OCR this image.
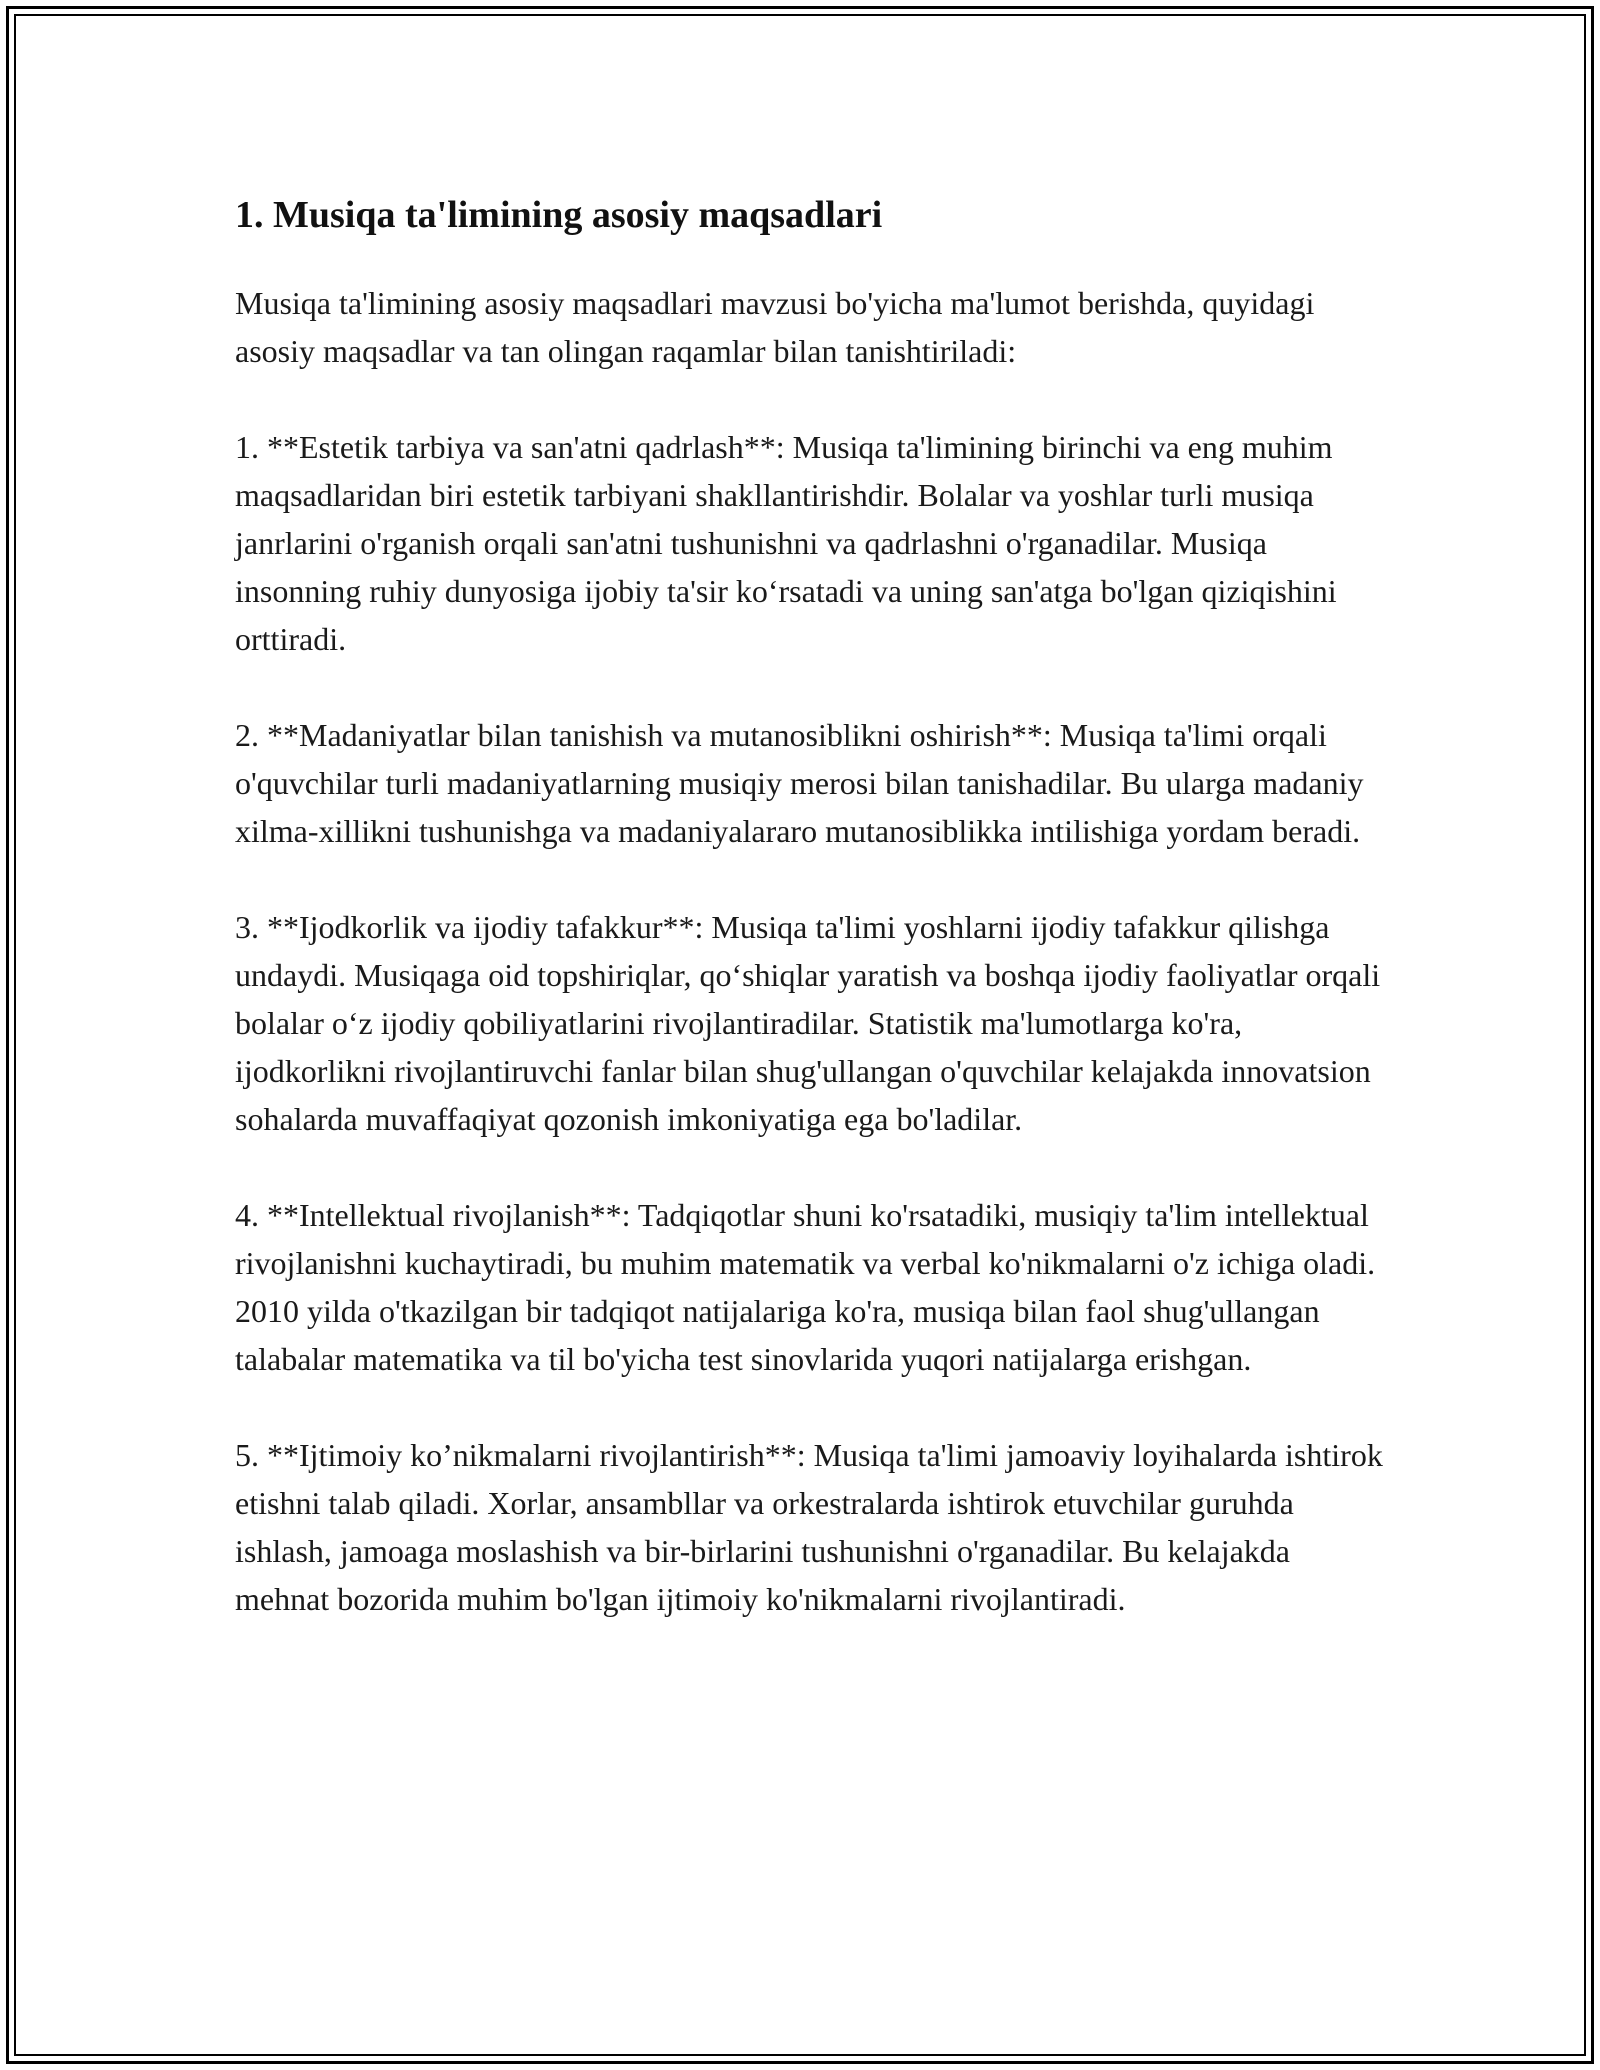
1. Musiqa ta'limining asosiy maqsadlari

Musiqa ta'limining asosiy maqsadlari mavzusi bo'yicha ma'lumot berishda, quyidagi asosiy maqsadlar va tan olingan raqamlar bilan tanishtiriladi:

1. **Estetik tarbiya va san'atni qadrlash**: Musiqa ta'limining birinchi va eng muhim maqsadlaridan biri estetik tarbiyani shakllantirishdir. Bolalar va yoshlar turli musiqa janrlarini o'rganish orqali san'atni tushunishni va qadrlashni o'rganadilar. Musiqa insonning ruhiy dunyosiga ijobiy ta'sir ko‘rsatadi va uning san'atga bo'lgan qiziqishini orttiradi.

2. **Madaniyatlar bilan tanishish va mutanosiblikni oshirish**: Musiqa ta'limi orqali o'quvchilar turli madaniyatlarning musiqiy merosi bilan tanishadilar. Bu ularga madaniy xilma-xillikni tushunishga va madaniyalararo mutanosiblikka intilishiga yordam beradi.

3. **Ijodkorlik va ijodiy tafakkur**: Musiqa ta'limi yoshlarni ijodiy tafakkur qilishga undaydi. Musiqaga oid topshiriqlar, qo‘shiqlar yaratish va boshqa ijodiy faoliyatlar orqali bolalar o‘z ijodiy qobiliyatlarini rivojlantiradilar. Statistik ma'lumotlarga ko'ra, ijodkorlikni rivojlantiruvchi fanlar bilan shug'ullangan o'quvchilar kelajakda innovatsion sohalarda muvaffaqiyat qozonish imkoniyatiga ega bo'ladilar.

4. **Intellektual rivojlanish**: Tadqiqotlar shuni ko'rsatadiki, musiqiy ta'lim intellektual rivojlanishni kuchaytiradi, bu muhim matematik va verbal ko'nikmalarni o'z ichiga oladi. 2010 yilda o'tkazilgan bir tadqiqot natijalariga ko'ra, musiqa bilan faol shug'ullangan talabalar matematika va til bo'yicha test sinovlarida yuqori natijalarga erishgan.

5. **Ijtimoiy ko’nikmalarni rivojlantirish**: Musiqa ta'limi jamoaviy loyihalarda ishtirok etishni talab qiladi. Xorlar, ansambllar va orkestralarda ishtirok etuvchilar guruhda ishlash, jamoaga moslashish va bir-birlarini tushunishni o'rganadilar. Bu kelajakda mehnat bozorida muhim bo'lgan ijtimoiy ko'nikmalarni rivojlantiradi.
